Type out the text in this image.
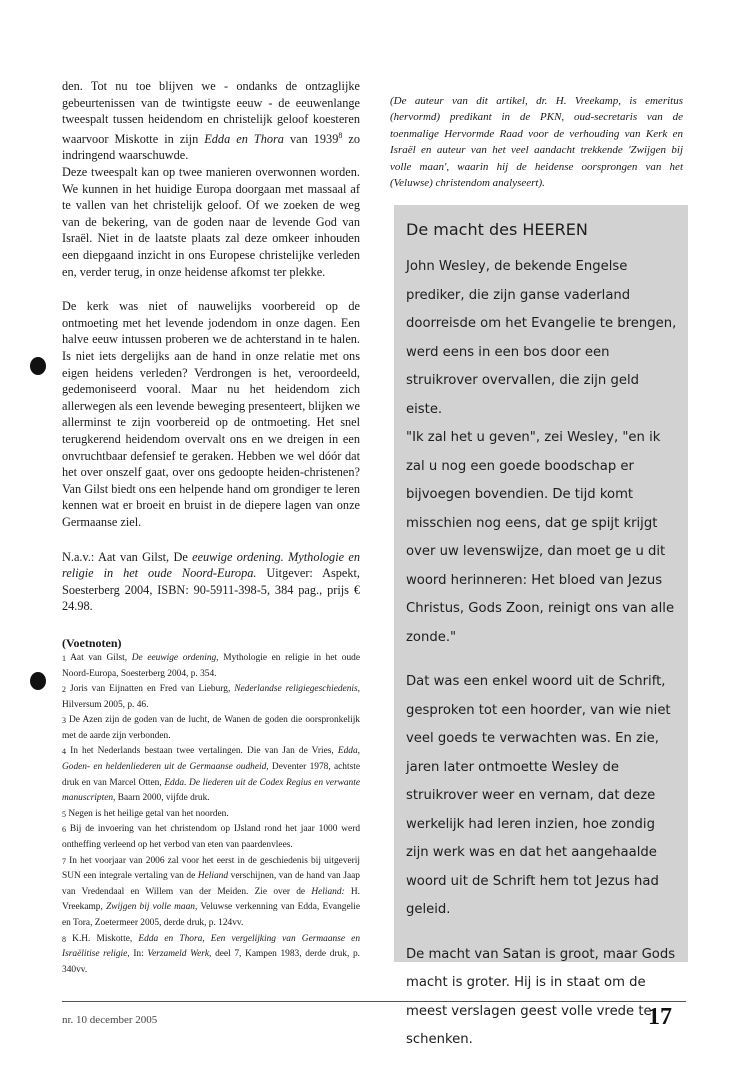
den. Tot nu toe blijven we - ondanks de ontzaglijke gebeurtenissen van de twintigste eeuw - de eeuwenlange tweespalt tussen heidendom en christelijk geloof koesteren waarvoor Miskotte in zijn Edda en Thora van 1939$^8$ zo indringend waarschuwde.

Deze tweespalt kan op twee manieren overwonnen worden. We kunnen in het huidige Europa doorgaan met massaal af te vallen van het christelijk geloof. Of we zoeken de weg van de bekering, van de goden naar de levende God van Israël. Niet in de laatste plaats zal deze omkeer inhouden een diepgaand inzicht in ons Europese christelijke verleden en, verder terug, in onze heidense afkomst ter plekke.

De kerk was niet of nauwelijks voorbereid op de ontmoeting met het levende jodendom in onze dagen. Een halve eeuw intussen proberen we de achterstand in te halen. Is niet iets dergelijks aan de hand in onze relatie met ons eigen heidens verleden? Verdrongen is het, veroordeeld, gedemoniseerd vooral. Maar nu het heidendom zich allerwegen als een levende beweging presenteert, blijken we allerminst te zijn voorbereid op de ontmoeting. Het snel terugkerend heidendom overvalt ons en we dreigen in een onvruchtbaar defensief te geraken. Hebben we wel dóór dat het over onszelf gaat, over ons gedoopte heiden-christenen? Van Gilst biedt ons een helpende hand om grondiger te leren kennen wat er broeit en bruist in de diepere lagen van onze Germaanse ziel.

N.a.v.: Aat van Gilst, De eeuwige ordening. Mythologie en religie in het oude Noord-Europa. Uitgever: Aspekt, Soesterberg 2004, ISBN: 90-5911-398-5, 384 pag., prijs € 24.98.

(Voetnoten)

1 Aat van Gilst, De eeuwige ordening, Mythologie en religie in het oude Noord-Europa, Soesterberg 2004, p. 354.

2 Joris van Eijnatten en Fred van Lieburg, Nederlandse religiegeschiedenis, Hilversum 2005, p. 46.

3 De Azen zijn de goden van de lucht, de Wanen de goden die oorspronkelijk met de aarde zijn verbonden.

4 In het Nederlands bestaan twee vertalingen. Die van Jan de Vries, Edda, Goden- en heldenliederen uit de Germaanse oudheid, Deventer 1978, achtste druk en van Marcel Otten, Edda. De liederen uit de Codex Regius en verwante manuscripten, Baarn 2000, vijfde druk.

5 Negen is het heilige getal van het noorden.

6 Bij de invoering van het christendom op IJsland rond het jaar 1000 werd ontheffing verleend op het verbod van eten van paardenvlees.

7 In het voorjaar van 2006 zal voor het eerst in de geschiedenis bij uitgeverij SUN een integrale vertaling van de Heliand verschijnen, van de hand van Jaap van Vredendaal en Willem van der Meiden. Zie over de Heliand: H. Vreekamp, Zwijgen bij volle maan, Veluwse verkenning van Edda, Evangelie en Tora, Zoetermeer 2005, derde druk, p. 124vv.

8 K.H. Miskotte, Edda en Thora, Een vergelijking van Germaanse en Israëlitise religie, In: Verzameld Werk, deel 7, Kampen 1983, derde druk, p. 340vv.

(De auteur van dit artikel, dr. H. Vreekamp, is emeritus (hervormd) predikant in de PKN, oud-secretaris van de toenmalige Hervormde Raad voor de verhouding van Kerk en Israël en auteur van het veel aandacht trekkende 'Zwijgen bij volle maan', waarin hij de heidense oorsprongen van het (Veluwse) christendom analyseert).

De macht des HEEREN

John Wesley, de bekende Engelse prediker, die zijn ganse vaderland doorreisde om het Evangelie te brengen, werd eens in een bos door een struikrover overvallen, die zijn geld eiste.

"Ik zal het u geven", zei Wesley, "en ik zal u nog een goede boodschap er bijvoegen bovendien. De tijd komt misschien nog eens, dat ge spijt krijgt over uw levenswijze, dan moet ge u dit woord herinneren: Het bloed van Jezus Christus, Gods Zoon, reinigt ons van alle zonde."

Dat was een enkel woord uit de Schrift, gesproken tot een hoorder, van wie niet veel goeds te verwachten was. En zie, jaren later ontmoette Wesley de struikrover weer en vernam, dat deze werkelijk had leren inzien, hoe zondig zijn werk was en dat het aangehaalde woord uit de Schrift hem tot Jezus had geleid.

De macht van Satan is groot, maar Gods macht is groter. Hij is in staat om de meest verslagen geest volle vrede te schenken.

nr. 10 december 2005	17
